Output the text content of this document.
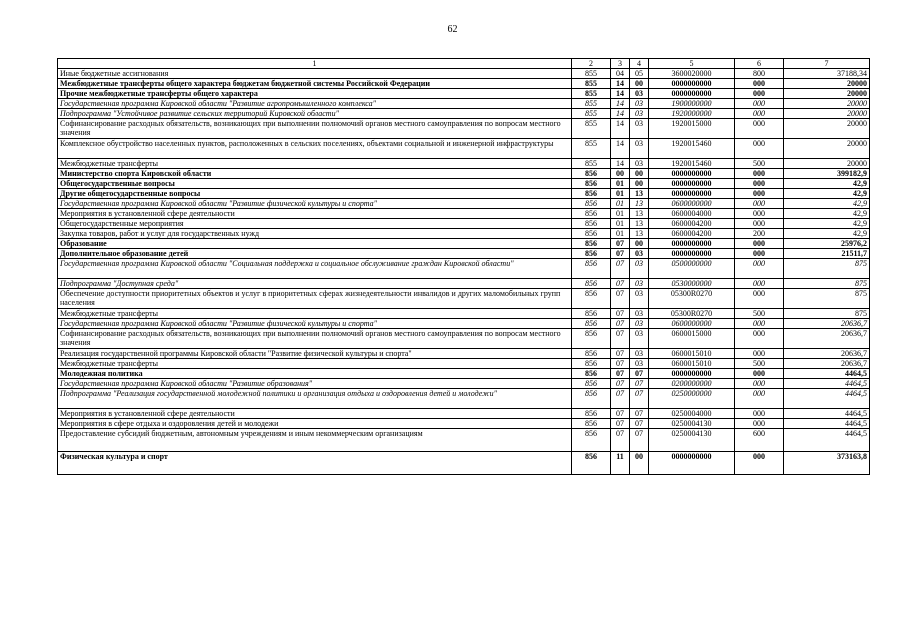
62
1	2	3	4	5	6	7
Иные бюджетные ассигнования	855	04	05	3600020000	800	37188,34
Межбюджетные трансферты общего характера бюджетам бюджетной системы Российской Федерации	855	14	00	0000000000	000	20000
Прочие межбюджетные трансферты общего характера	855	14	03	0000000000	000	20000
Государственная программа Кировской области "Развитие агропромышленного комплекса"	855	14	03	1900000000	000	20000
Подпрограмма "Устойчивое развитие сельских территорий Кировской области"	855	14	03	1920000000	000	20000
Софинансирование расходных обязательств, возникающих при выполнении полномочий органов местного самоуправления по вопросам местного значения	855	14	03	1920015000	000	20000
Комплексное обустройство населенных пунктов, расположенных в сельских поселениях, объектами социальной и инженерной инфраструктуры	855	14	03	1920015460	000	20000
Межбюджетные трансферты	855	14	03	1920015460	500	20000
Министерство спорта Кировской области	856	00	00	0000000000	000	399182,9
Общегосударственные вопросы	856	01	00	0000000000	000	42,9
Другие общегосударственные вопросы	856	01	13	0000000000	000	42,9
Государственная программа Кировской области "Развитие физической культуры и спорта"	856	01	13	0600000000	000	42,9
Мероприятия в установленной сфере деятельности	856	01	13	0600004000	000	42,9
Общегосударственные мероприятия	856	01	13	0600004200	000	42,9
Закупка товаров, работ и услуг для государственных нужд	856	01	13	0600004200	200	42,9
Образование	856	07	00	0000000000	000	25976,2
Дополнительное образование детей	856	07	03	0000000000	000	21511,7
Государственная программа Кировской области "Социальная поддержка и социальное обслуживание граждан Кировской области"	856	07	03	0500000000	000	875
Подпрограмма "Доступная среда"	856	07	03	0530000000	000	875
Обеспечение доступности приоритетных объектов и услуг в приоритетных сферах жизнедеятельности инвалидов и других маломобильных групп населения	856	07	03	05300R0270	000	875
Межбюджетные трансферты	856	07	03	05300R0270	500	875
Государственная программа Кировской области "Развитие физической культуры и спорта"	856	07	03	0600000000	000	20636,7
Софинансирование расходных обязательств, возникающих при выполнении полномочий органов местного самоуправления по вопросам местного значения	856	07	03	0600015000	000	20636,7
Реализация государственной программы Кировской области "Развитие физической культуры и спорта"	856	07	03	0600015010	000	20636,7
Межбюджетные трансферты	856	07	03	0600015010	500	20636,7
Молодежная политика	856	07	07	0000000000	000	4464,5
Государственная программа Кировской области "Развитие образования"	856	07	07	0200000000	000	4464,5
Подпрограмма "Реализация государственной молодежной политики и организация отдыха и оздоровления детей и молодежи"	856	07	07	0250000000	000	4464,5
Мероприятия в установленной сфере деятельности	856	07	07	0250004000	000	4464,5
Мероприятия в сфере отдыха и оздоровления детей и молодежи	856	07	07	0250004130	000	4464,5
Предоставление субсидий бюджетным, автономным учреждениям и иным некоммерческим организациям	856	07	07	0250004130	600	4464,5
Физическая культура и спорт	856	11	00	0000000000	000	373163,8
